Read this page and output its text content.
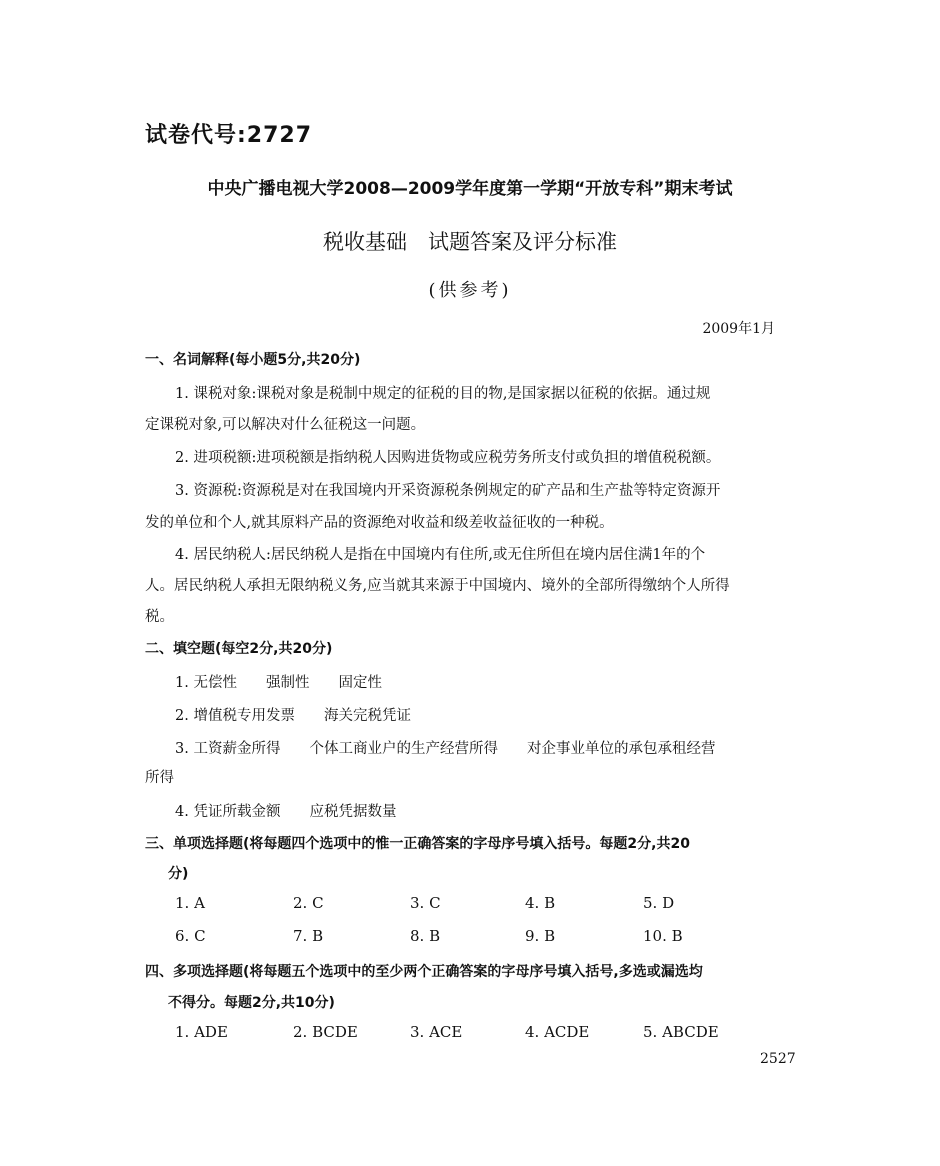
试卷代号:2727
中央广播电视大学2008—2009学年度第一学期“开放专科”期末考试
税收基础　试题答案及评分标准
(供参考)
2009年1月
一、名词解释(每小题5分,共20分)
1. 课税对象:课税对象是税制中规定的征税的目的物,是国家据以征税的依据。通过规
定课税对象,可以解决对什么征税这一问题。
2. 进项税额:进项税额是指纳税人因购进货物或应税劳务所支付或负担的增值税税额。
3. 资源税:资源税是对在我国境内开采资源税条例规定的矿产品和生产盐等特定资源开
发的单位和个人,就其原料产品的资源绝对收益和级差收益征收的一种税。
4. 居民纳税人:居民纳税人是指在中国境内有住所,或无住所但在境内居住满1年的个
人。居民纳税人承担无限纳税义务,应当就其来源于中国境内、境外的全部所得缴纳个人所得
税。
二、填空题(每空2分,共20分)
1. 无偿性　　强制性　　固定性
2. 增值税专用发票　　海关完税凭证
3. 工资薪金所得　　个体工商业户的生产经营所得　　对企事业单位的承包承租经营
所得
4. 凭证所载金额　　应税凭据数量
三、单项选择题(将每题四个选项中的惟一正确答案的字母序号填入括号。每题2分,共20
分)
1. A	2. C	3. C	4. B	5. D
6. C	7. B	8. B	9. B	10. B
四、多项选择题(将每题五个选项中的至少两个正确答案的字母序号填入括号,多选或漏选均
不得分。每题2分,共10分)
1. ADE	2. BCDE	3. ACE	4. ACDE	5. ABCDE
2527
